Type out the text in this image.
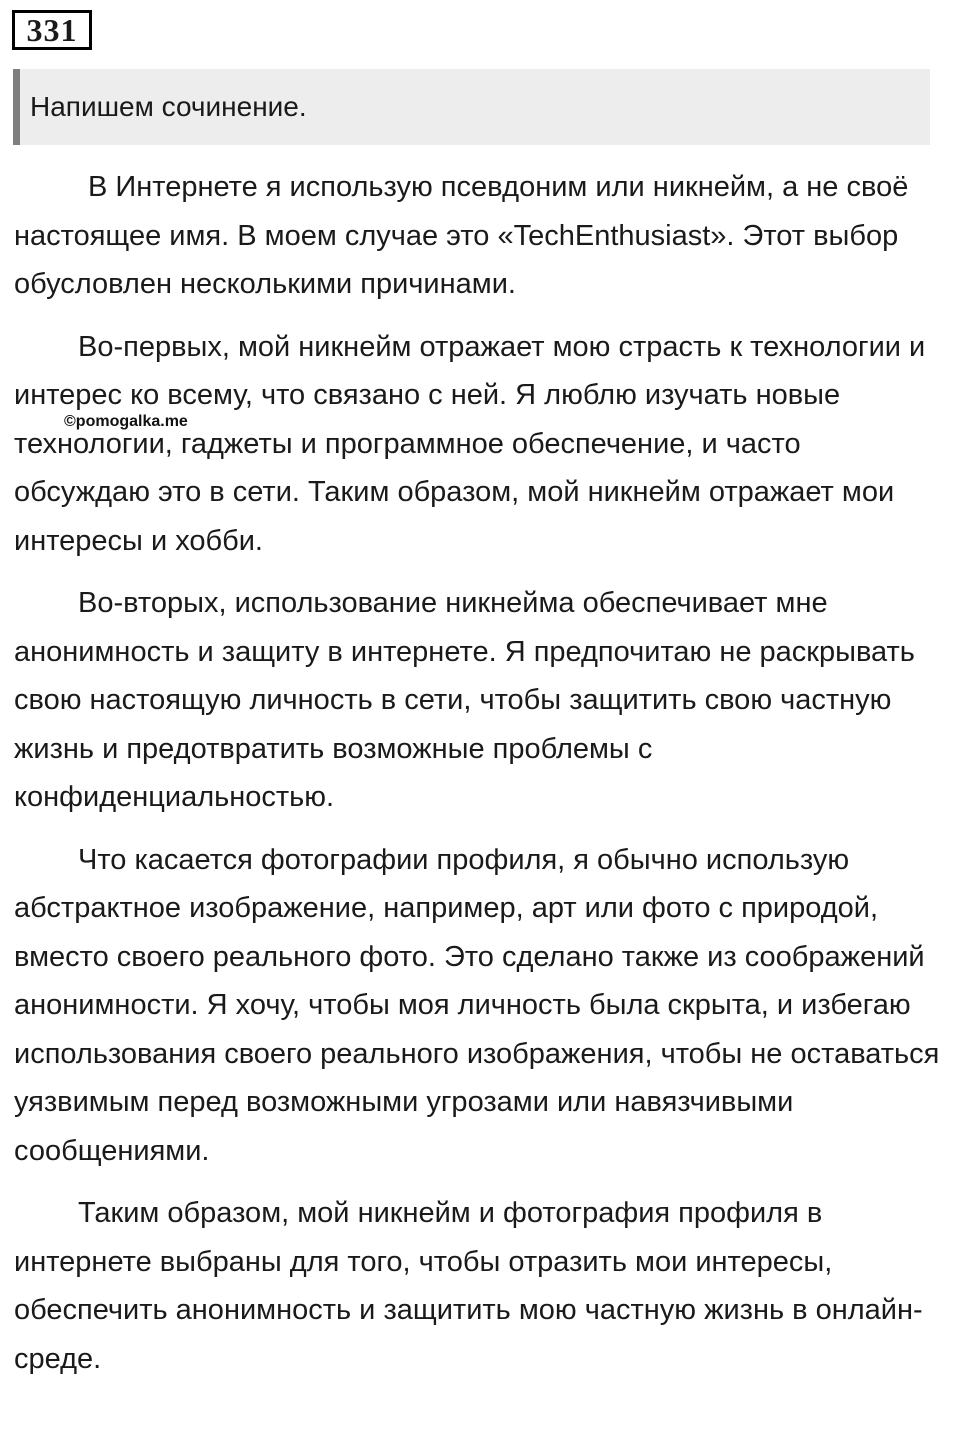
331
Напишем сочинение.

В Интернете я использую псевдоним или никнейм, а не своё настоящее имя. В моем случае это «TechEnthusiast». Этот выбор обусловлен несколькими причинами.

Во-первых, мой никнейм отражает мою страсть к технологии и интерес ко всему, что связано с ней. Я люблю изучать новые технологии, гаджеты и программное обеспечение, и часто обсуждаю это в сети. Таким образом, мой никнейм отражает мои интересы и хобби.

Во-вторых, использование никнейма обеспечивает мне анонимность и защиту в интернете. Я предпочитаю не раскрывать свою настоящую личность в сети, чтобы защитить свою частную жизнь и предотвратить возможные проблемы с конфиденциальностью.

Что касается фотографии профиля, я обычно использую абстрактное изображение, например, арт или фото с природой, вместо своего реального фото. Это сделано также из соображений анонимности. Я хочу, чтобы моя личность была скрыта, и избегаю использования своего реального изображения, чтобы не оставаться уязвимым перед возможными угрозами или навязчивыми сообщениями.

Таким образом, мой никнейм и фотография профиля в интернете выбраны для того, чтобы отразить мои интересы, обеспечить анонимность и защитить мою частную жизнь в онлайн-среде.

©pomogalka.me
